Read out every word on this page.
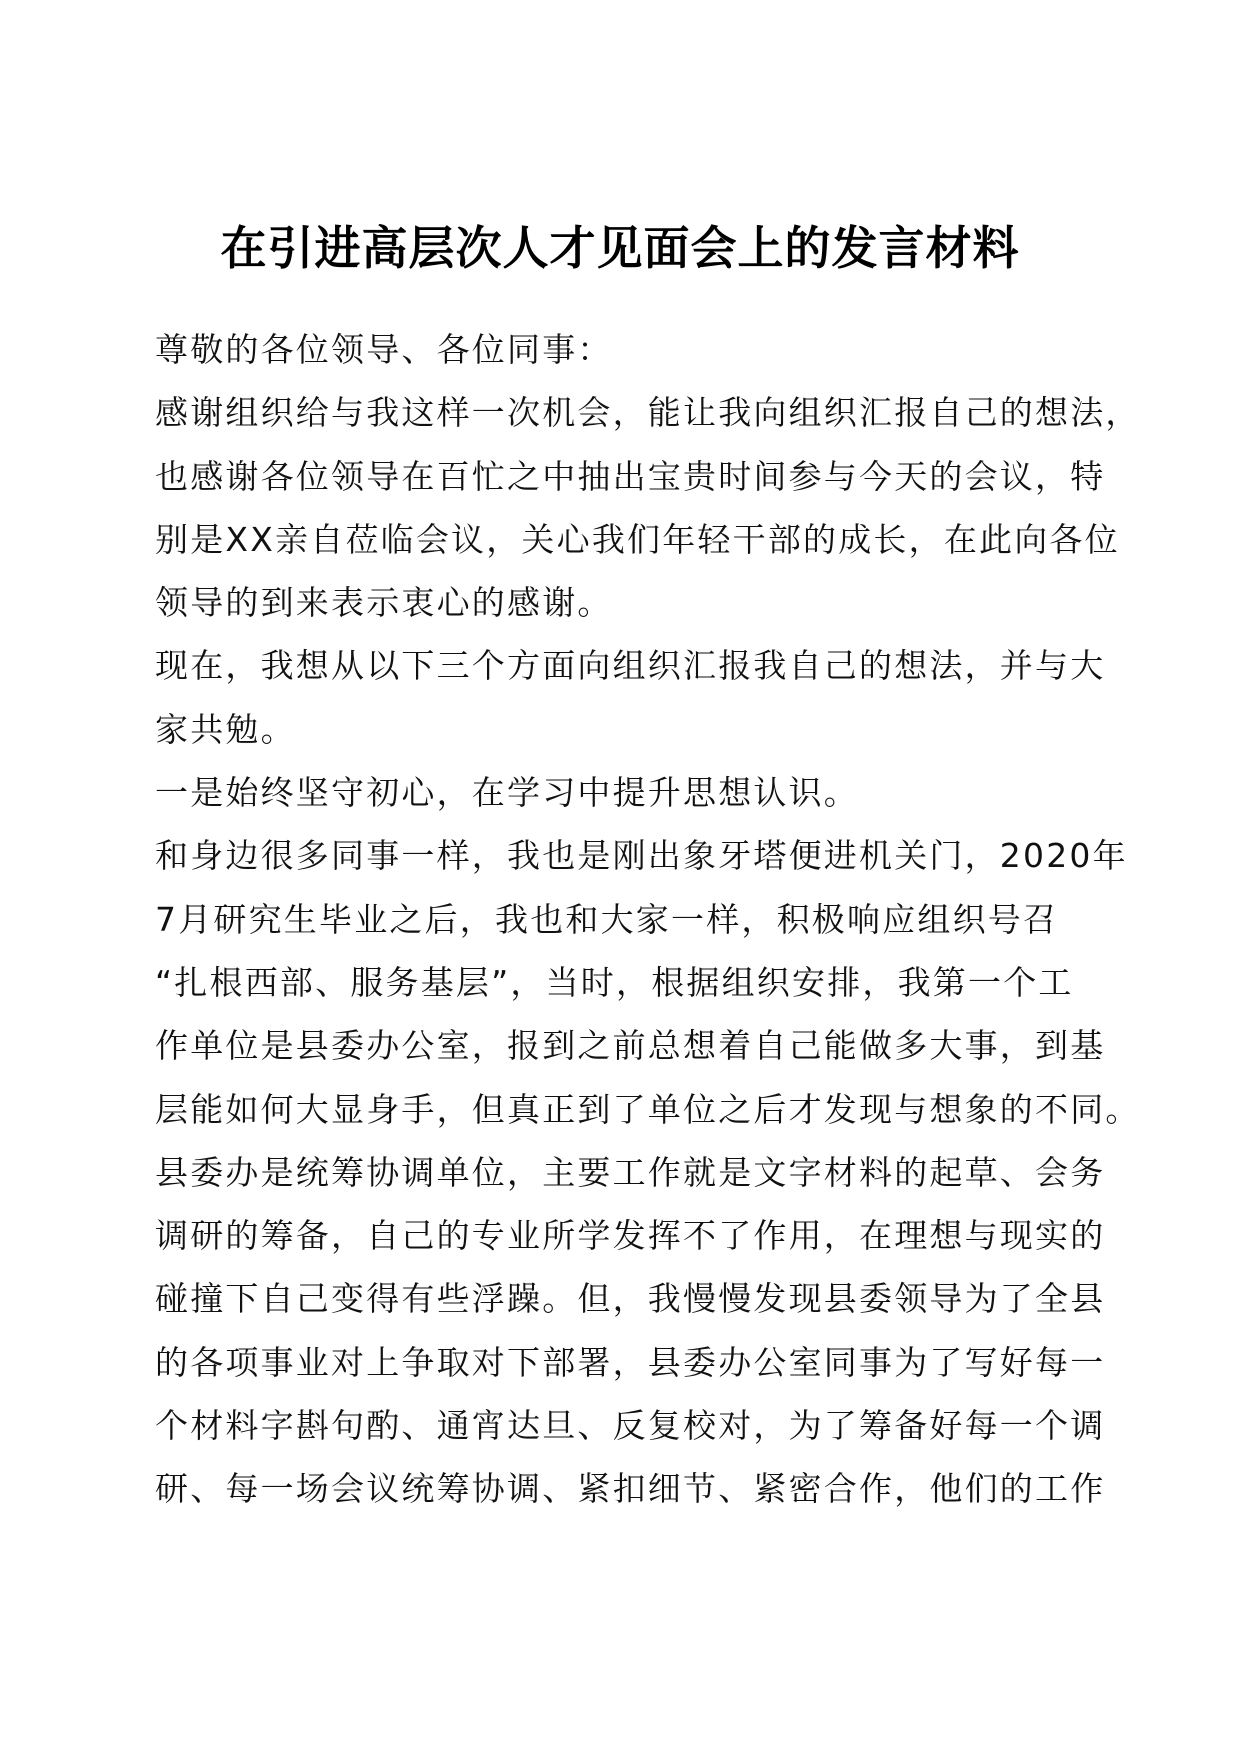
在引进高层次人才见面会上的发言材料
尊敬的各位领导、各位同事：
感谢组织给与我这样一次机会，能让我向组织汇报自己的想法，
也感谢各位领导在百忙之中抽出宝贵时间参与今天的会议，特
别是XX亲自莅临会议，关心我们年轻干部的成长，在此向各位
领导的到来表示衷心的感谢。
现在，我想从以下三个方面向组织汇报我自己的想法，并与大
家共勉。
一是始终坚守初心，在学习中提升思想认识。
和身边很多同事一样，我也是刚出象牙塔便进机关门，2020年
7月研究生毕业之后，我也和大家一样，积极响应组织号召
“扎根西部、服务基层”，当时，根据组织安排，我第一个工
作单位是县委办公室，报到之前总想着自己能做多大事，到基
层能如何大显身手，但真正到了单位之后才发现与想象的不同。
县委办是统筹协调单位，主要工作就是文字材料的起草、会务
调研的筹备，自己的专业所学发挥不了作用，在理想与现实的
碰撞下自己变得有些浮躁。但，我慢慢发现县委领导为了全县
的各项事业对上争取对下部署，县委办公室同事为了写好每一
个材料字斟句酌、通宵达旦、反复校对，为了筹备好每一个调
研、每一场会议统筹协调、紧扣细节、紧密合作，他们的工作
